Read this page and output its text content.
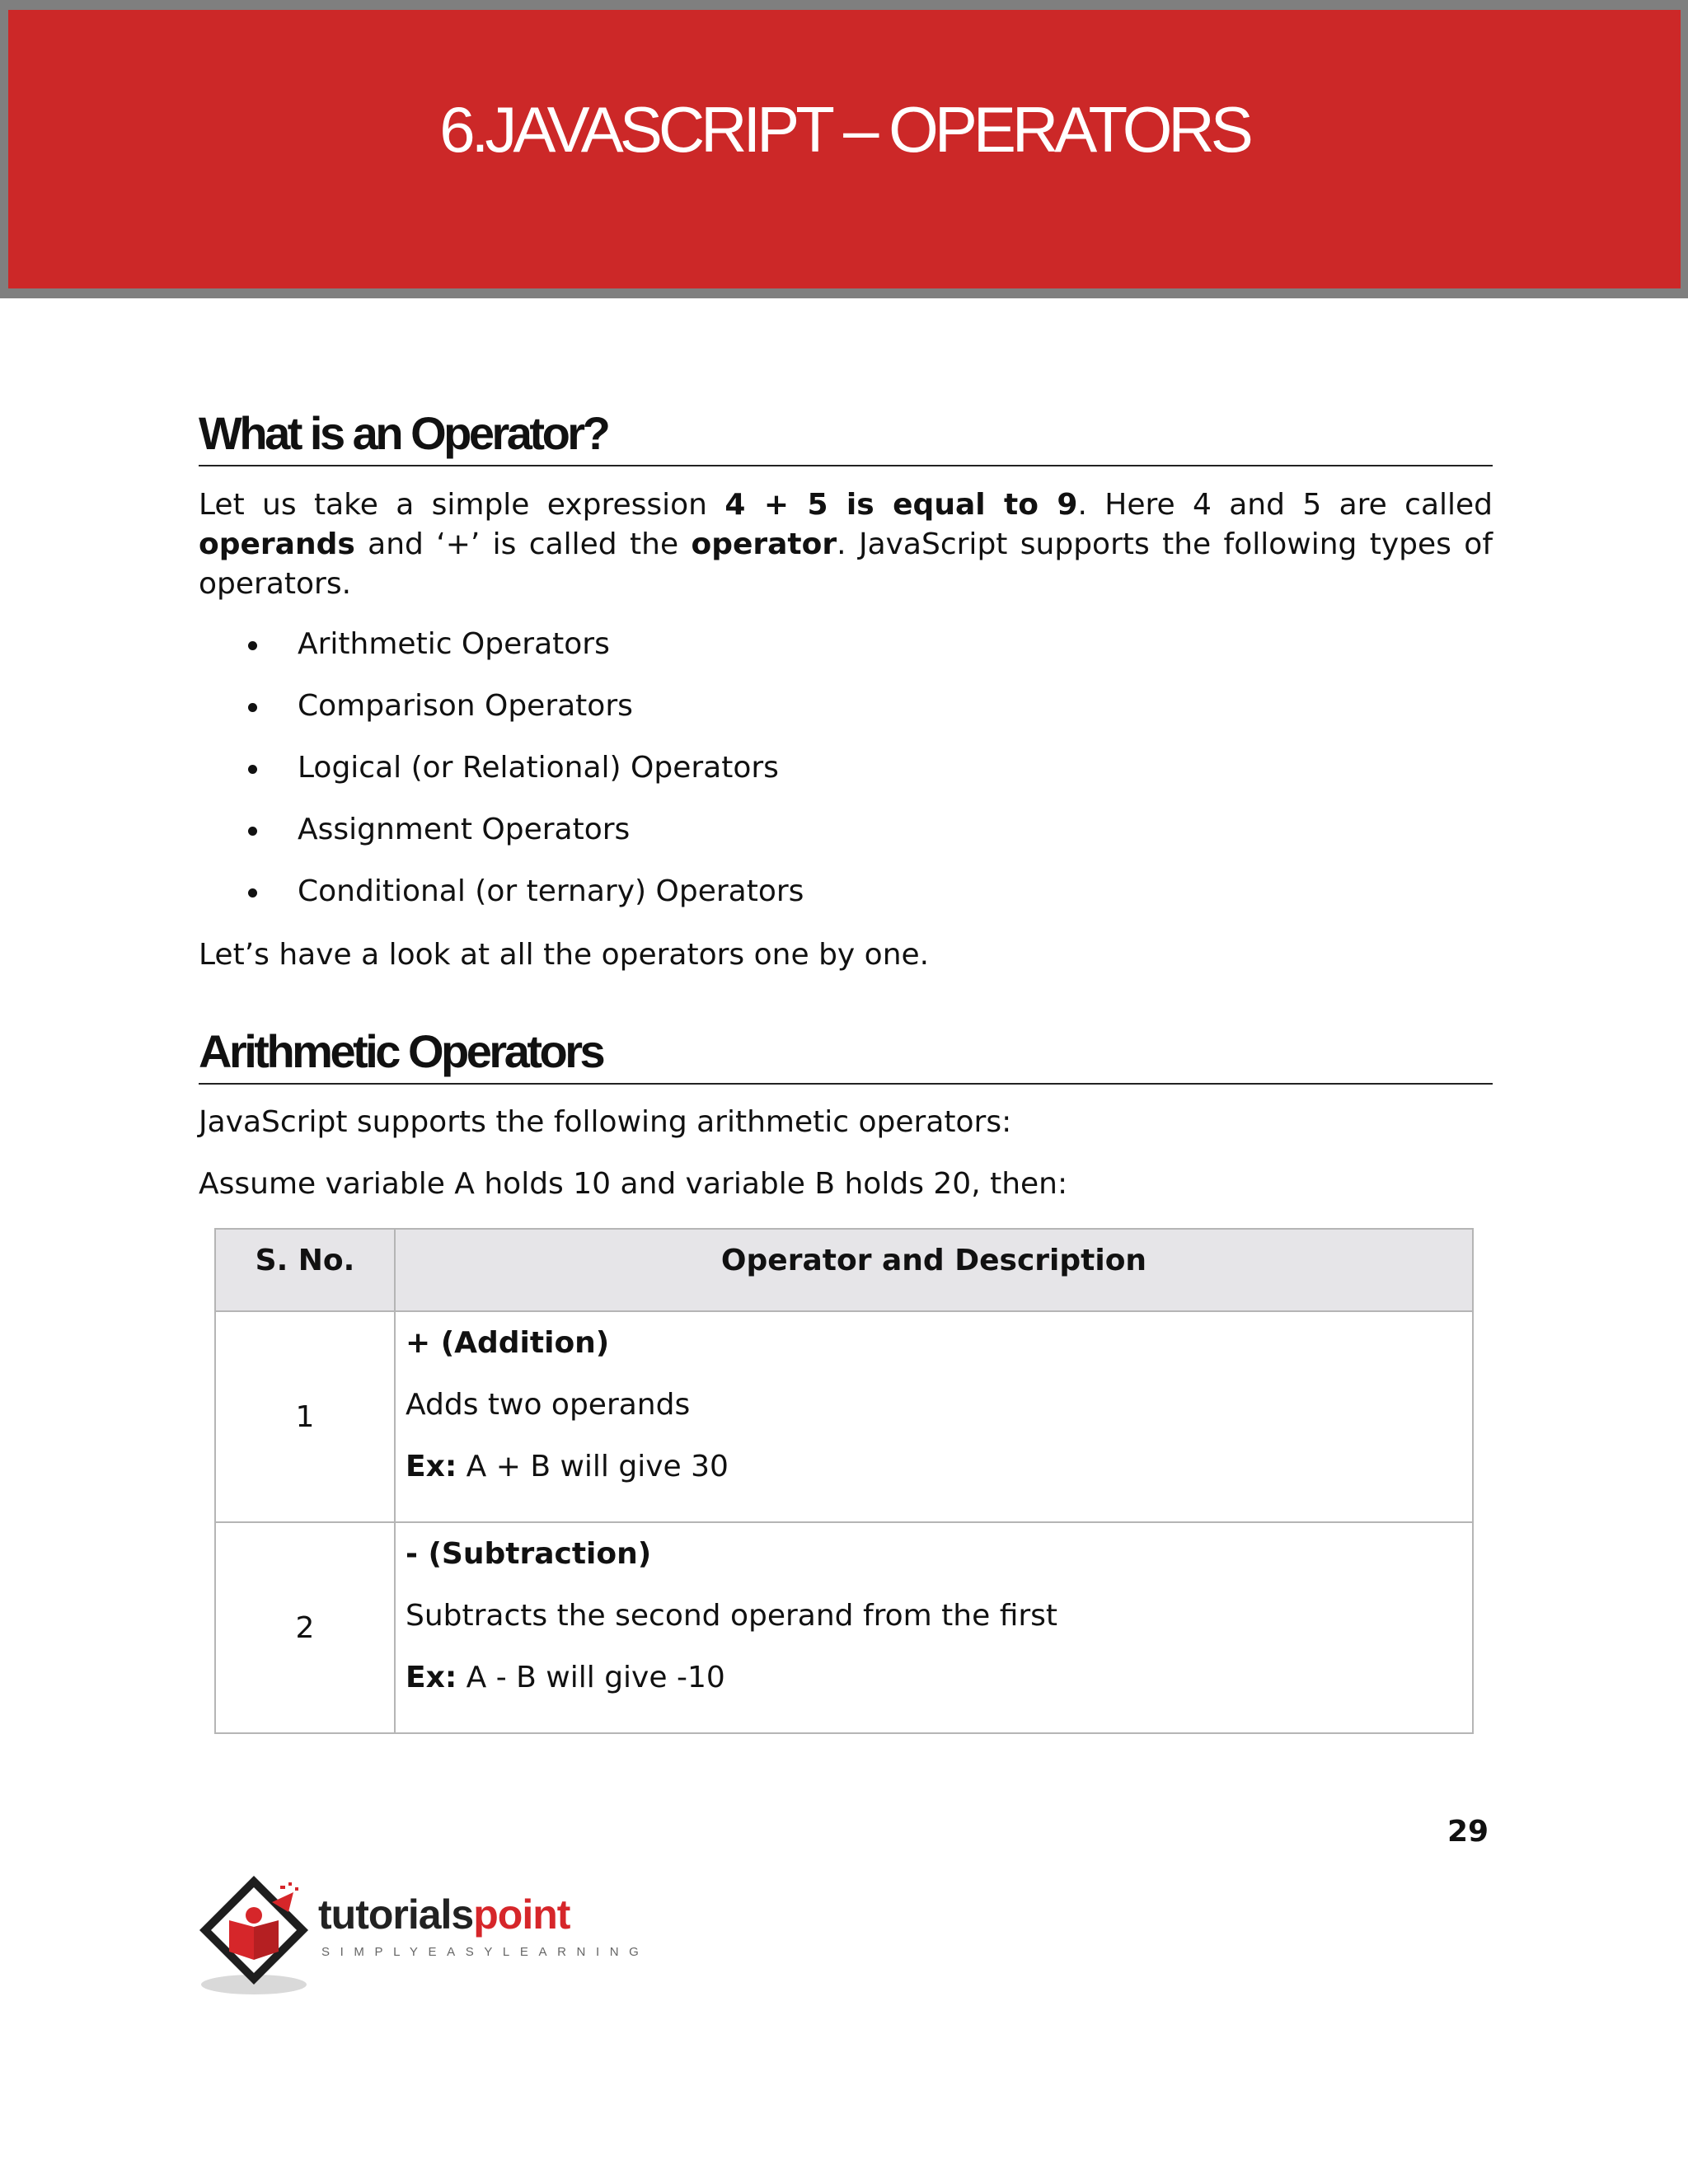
6.JAVASCRIPT – OPERATORS
What is an Operator?

Let us take a simple expression 4 + 5 is equal to 9. Here 4 and 5 are called operands and ‘+’ is called the operator. JavaScript supports the following types of operators.

Arithmetic Operators
Comparison Operators
Logical (or Relational) Operators
Assignment Operators
Conditional (or ternary) Operators

Let’s have a look at all the operators one by one.

Arithmetic Operators

JavaScript supports the following arithmetic operators:

Assume variable A holds 10 and variable B holds 20, then:

S. No.	Operator and Description
1	+ (Addition)
Adds two operands
Ex: A + B will give 30

2	- (Subtraction)
Subtracts the second operand from the first
Ex: A - B will give -10
29
tutorialspoint
SIMPLYEASYLEARNING
